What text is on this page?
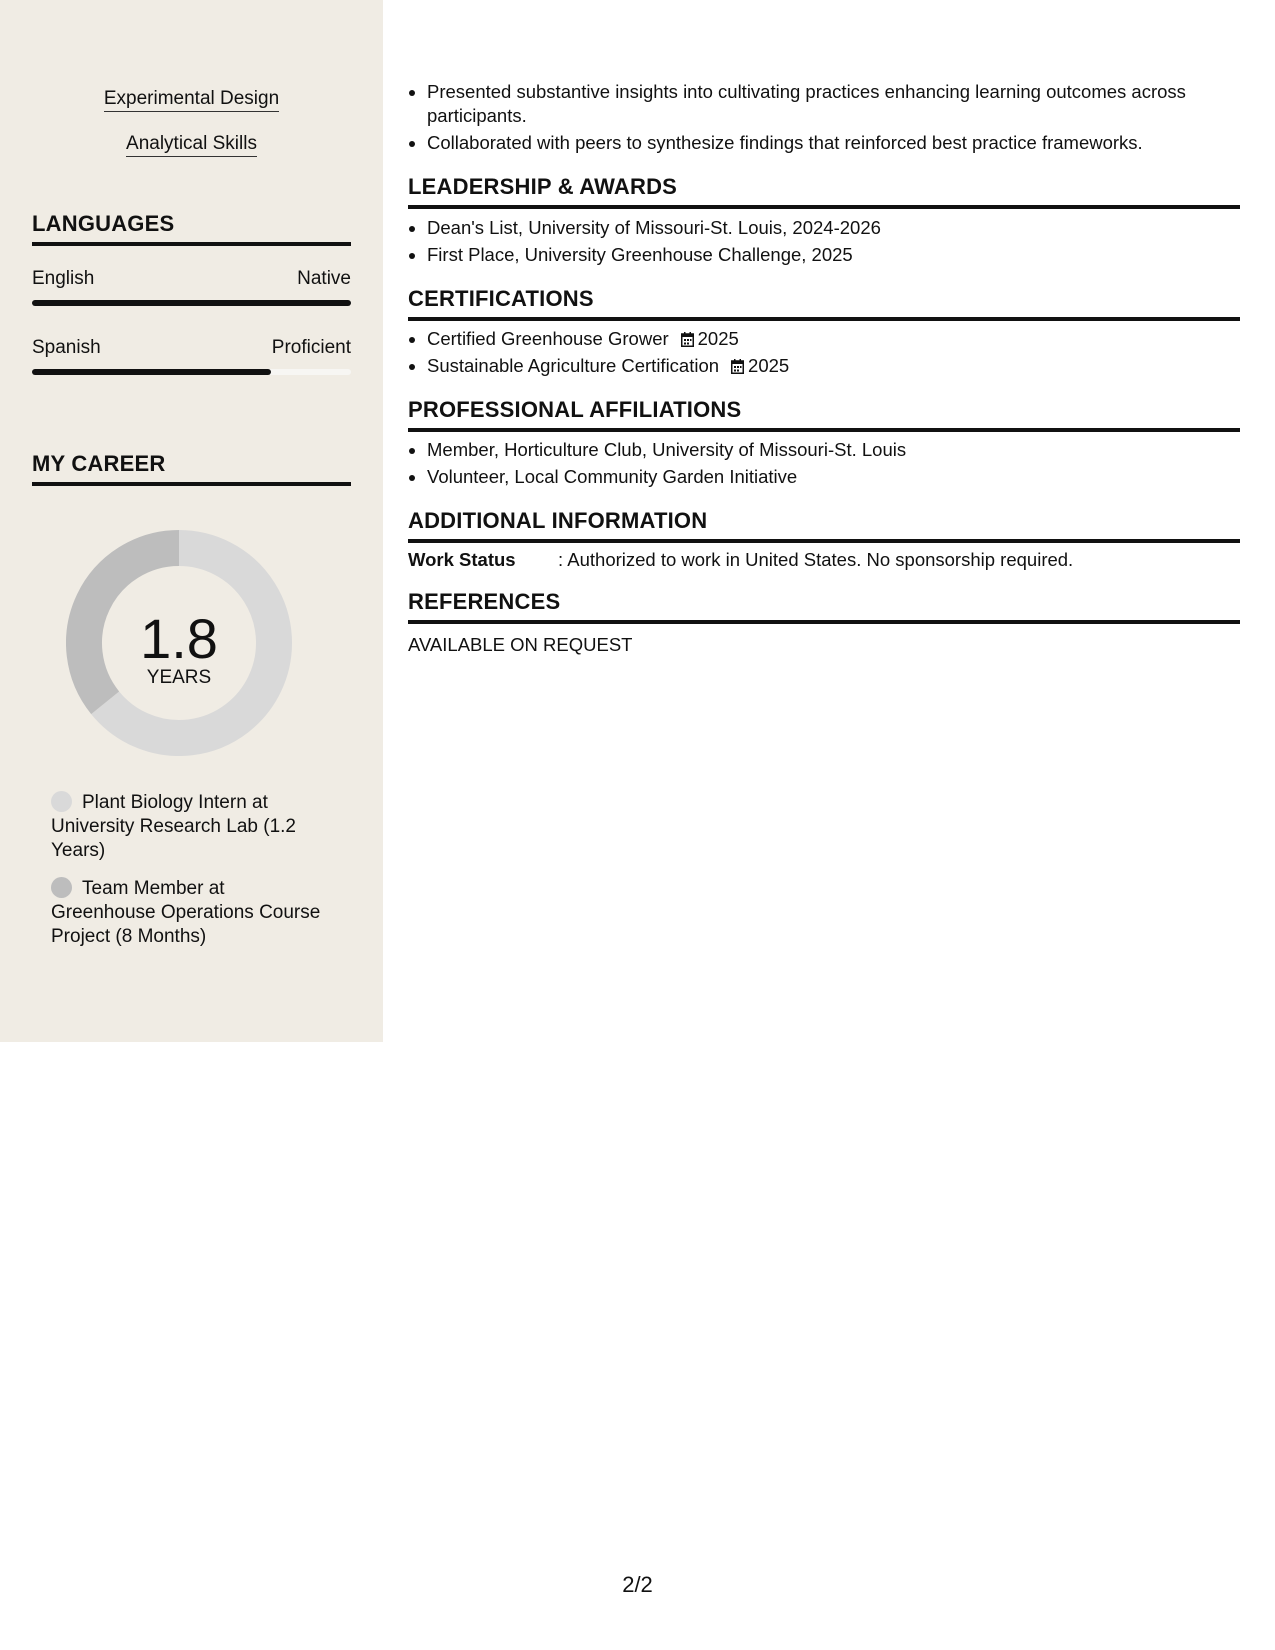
Experimental Design
Analytical Skills
LANGUAGES
English	Native
Spanish	Proficient
MY CAREER
1.8
YEARS
Plant Biology Intern at University Research Lab (1.2 Years)
Team Member at Greenhouse Operations Course Project (8 Months)
• Presented substantive insights into cultivating practices enhancing learning outcomes across participants.
• Collaborated with peers to synthesize findings that reinforced best practice frameworks.
LEADERSHIP & AWARDS
• Dean's List, University of Missouri-St. Louis, 2024-2026
• First Place, University Greenhouse Challenge, 2025
CERTIFICATIONS
• Certified Greenhouse Grower 2025
• Sustainable Agriculture Certification 2025
PROFESSIONAL AFFILIATIONS
• Member, Horticulture Club, University of Missouri-St. Louis
• Volunteer, Local Community Garden Initiative
ADDITIONAL INFORMATION
Work Status : Authorized to work in United States. No sponsorship required.
REFERENCES
AVAILABLE ON REQUEST
2/2
